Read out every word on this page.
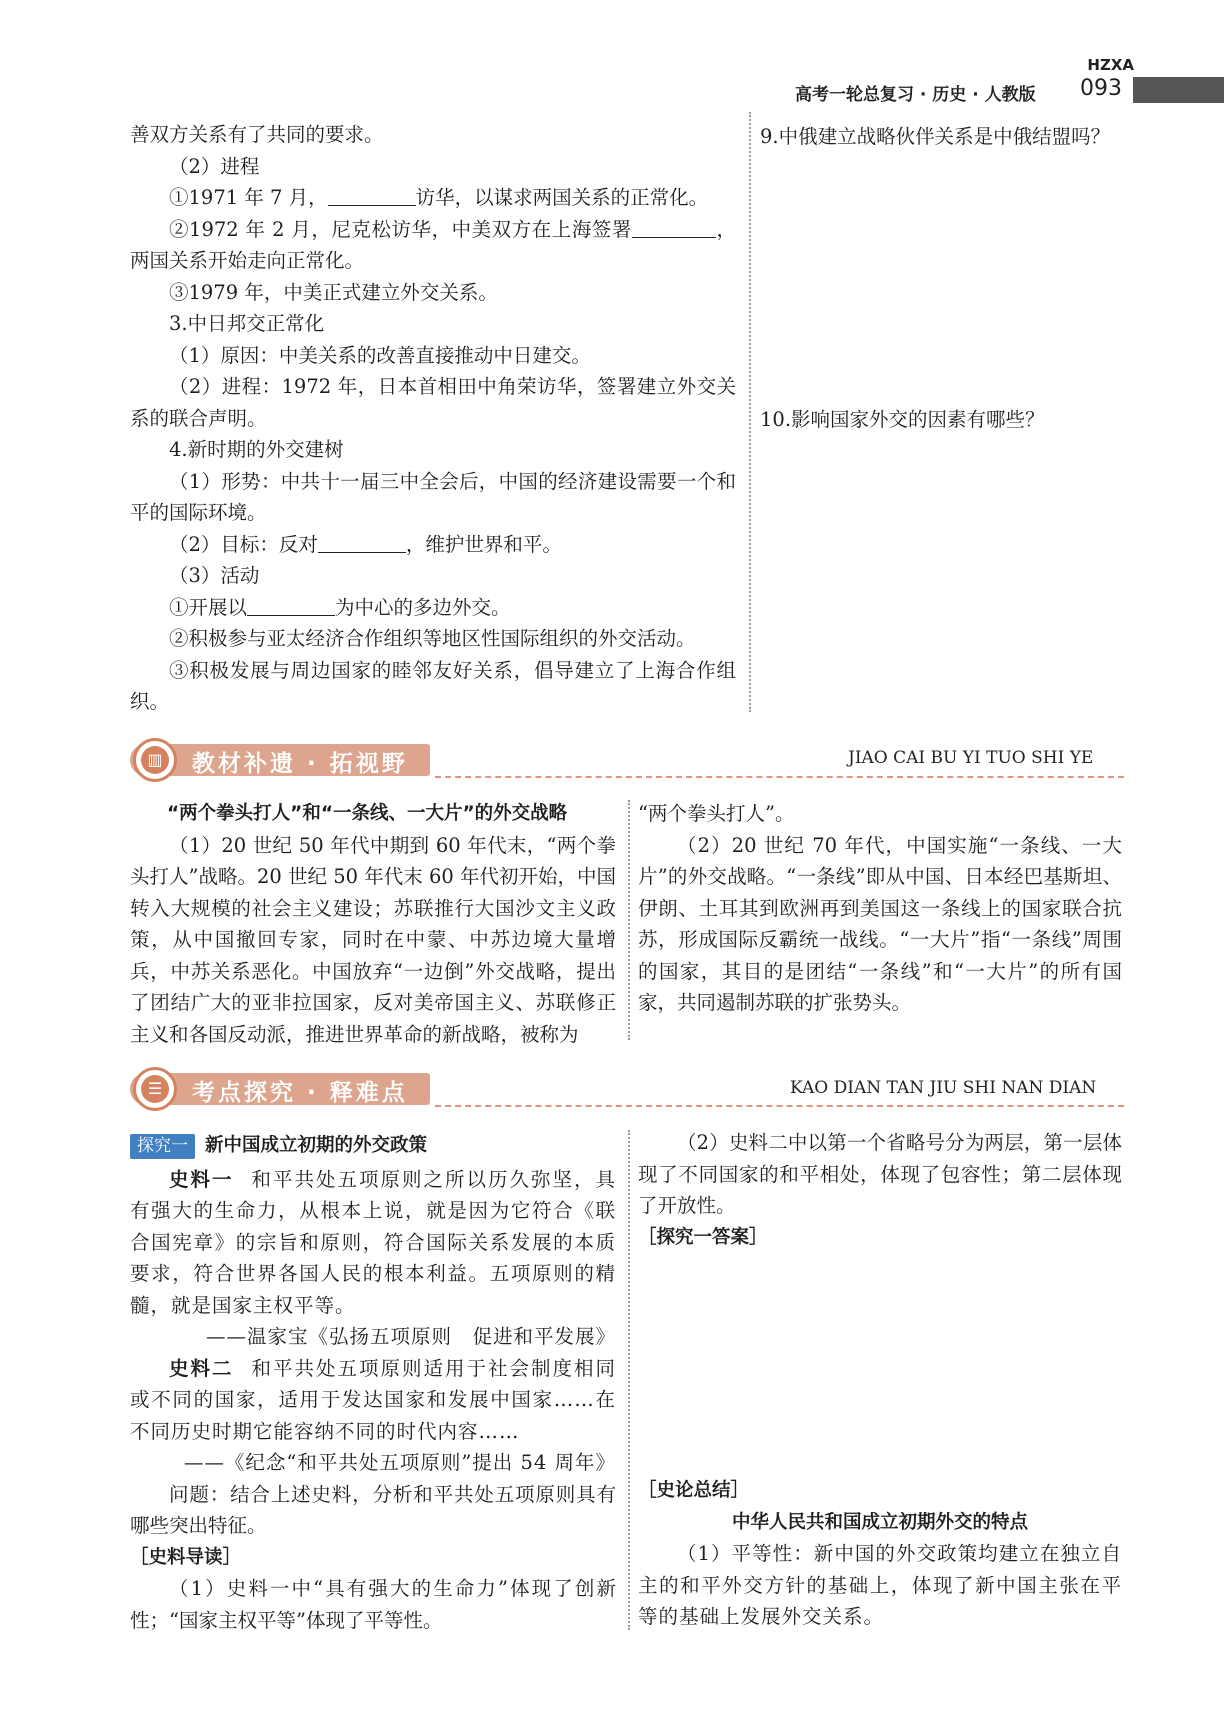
HZXA
高考一轮总复习 · 历史 · 人教版 093

善双方关系有了共同的要求。

（2）进程

①1971 年 7 月，	访华，以谋求两国关系的正常化。

②1972 年 2 月，尼克松访华，中美双方在上海签署	，两国关系开始走向正常化。

③1979 年，中美正式建立外交关系。

3.中日邦交正常化

（1）原因：中美关系的改善直接推动中日建交。

（2）进程：1972 年，日本首相田中角荣访华，签署建立外交关系的联合声明。

4.新时期的外交建树

（1）形势：中共十一届三中全会后，中国的经济建设需要一个和平的国际环境。

（2）目标：反对	，维护世界和平。

（3）活动

①开展以	为中心的多边外交。

②积极参与亚太经济合作组织等地区性国际组织的外交活动。

③积极发展与周边国家的睦邻友好关系，倡导建立了上海合作组织。

9.中俄建立战略伙伴关系是中俄结盟吗？
10.影响国家外交的因素有哪些？
▥ 教材补遗 · 拓视野	JIAO CAI BU YI TUO SHI YE

“两个拳头打人”和“一条线、一大片”的外交战略

（1）20 世纪 50 年代中期到 60 年代末，“两个拳头打人”战略。20 世纪 50 年代末 60 年代初开始，中国转入大规模的社会主义建设；苏联推行大国沙文主义政策，从中国撤回专家，同时在中蒙、中苏边境大量增兵，中苏关系恶化。中国放弃“一边倒”外交战略，提出了团结广大的亚非拉国家，反对美帝国主义、苏联修正主义和各国反动派，推进世界革命的新战略，被称为

“两个拳头打人”。

（2）20 世纪 70 年代，中国实施“一条线、一大片”的外交战略。“一条线”即从中国、日本经巴基斯坦、伊朗、土耳其到欧洲再到美国这一条线上的国家联合抗苏，形成国际反霸统一战线。“一大片”指“一条线”周围的国家，其目的是团结“一条线”和“一大片”的所有国家，共同遏制苏联的扩张势头。

☰ 考点探究 · 释难点	KAO DIAN TAN JIU SHI NAN DIAN

探究一 新中国成立初期的外交政策

史料一 和平共处五项原则之所以历久弥坚，具有强大的生命力，从根本上说，就是因为它符合《联合国宪章》的宗旨和原则，符合国际关系发展的本质要求，符合世界各国人民的根本利益。五项原则的精髓，就是国家主权平等。

——温家宝《弘扬五项原则　促进和平发展》

史料二 和平共处五项原则适用于社会制度相同或不同的国家，适用于发达国家和发展中国家……在不同历史时期它能容纳不同的时代内容……

——《纪念“和平共处五项原则”提出 54 周年》

问题：结合上述史料，分析和平共处五项原则具有哪些突出特征。

［史料导读］

（1）史料一中“具有强大的生命力”体现了创新性；“国家主权平等”体现了平等性。

（2）史料二中以第一个省略号分为两层，第一层体现了不同国家的和平相处，体现了包容性；第二层体现了开放性。

［探究一答案］

［史论总结］

中华人民共和国成立初期外交的特点

（1）平等性：新中国的外交政策均建立在独立自主的和平外交方针的基础上，体现了新中国主张在平等的基础上发展外交关系。
